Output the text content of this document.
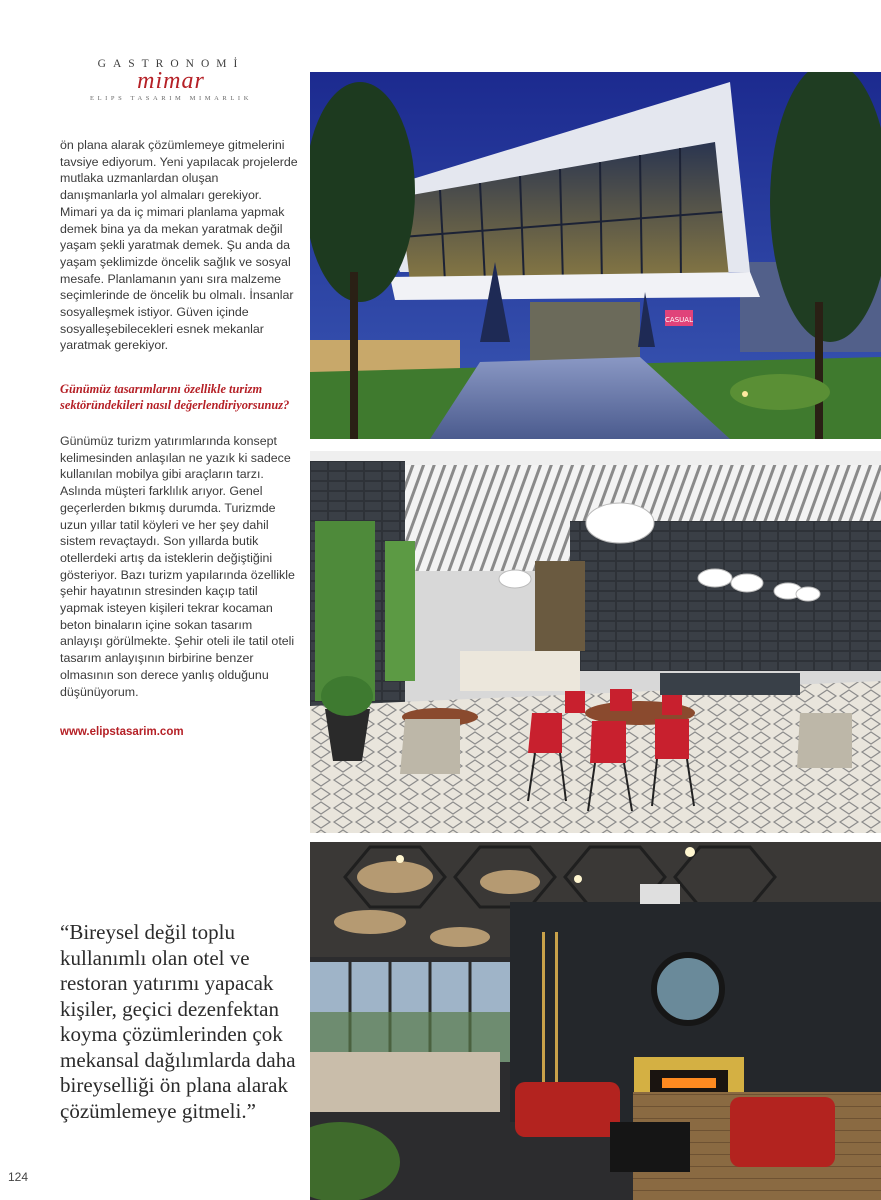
GASTRONOMİ
mimar
ELIPS TASARIM MIMARLIK
ön plana alarak çözümlemeye gitmelerini tavsiye ediyorum. Yeni yapılacak projelerde mutlaka uzmanlardan oluşan danışmanlarla yol almaları gerekiyor. Mimari ya da iç mimari planlama yapmak demek bina ya da mekan yaratmak değil yaşam şekli yaratmak demek. Şu anda da yaşam şeklimizde öncelik sağlık ve sosyal mesafe. Planlamanın yanı sıra malzeme seçimlerinde de öncelik bu olmalı. İnsanlar sosyalleşmek istiyor. Güven içinde sosyalleşebilecekleri esnek mekanlar yaratmak gerekiyor.
Günümüz tasarımlarını özellikle turizm sektöründekileri nasıl değerlendiriyorsunuz?
Günümüz turizm yatırımlarında konsept kelimesinden anlaşılan ne yazık ki sadece kullanılan mobilya gibi araçların tarzı. Aslında müşteri farklılık arıyor. Genel geçerlerden bıkmış durumda. Turizmde uzun yıllar tatil köyleri ve her şey dahil sistem revaçtaydı. Son yıllarda butik otellerdeki artış da isteklerin değiştiğini gösteriyor. Bazı turizm yapılarında özellikle şehir hayatının stresinden kaçıp tatil yapmak isteyen kişileri tekrar kocaman beton binaların içine sokan tasarım anlayışı görülmekte. Şehir oteli ile tatil oteli tasarım anlayışının birbirine benzer olmasının son derece yanlış olduğunu düşünüyorum.
www.elipstasarim.com
“Bireysel değil toplu kullanımlı olan otel ve restoran yatırımı yapacak kişiler, geçici dezenfektan koyma çözümlerinden çok mekansal dağılımlarda daha bireyselliği ön plana alarak çözümlemeye gitmeli.”
124
CASUAL
